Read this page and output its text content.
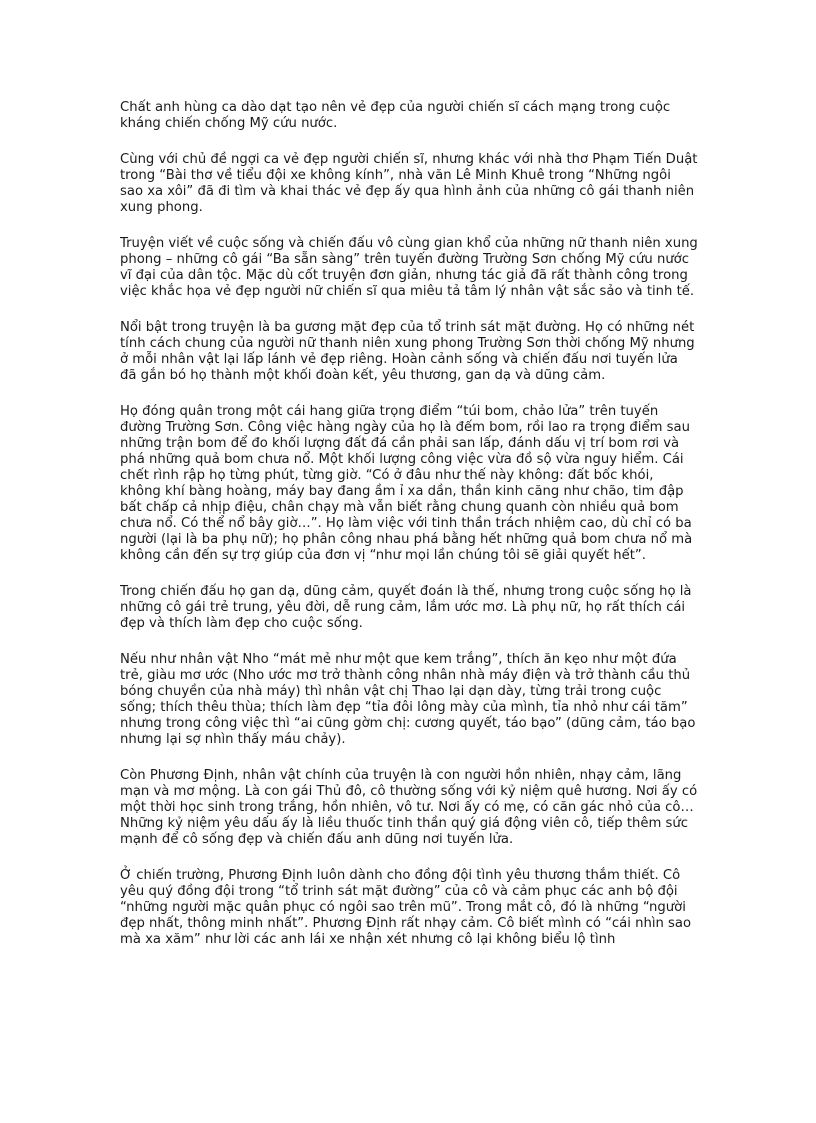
Chất anh hùng ca dào dạt tạo nên vẻ đẹp của người chiến sĩ cách mạng trong cuộc kháng chiến chống Mỹ cứu nước.

Cùng với chủ đề ngợi ca vẻ đẹp người chiến sĩ, nhưng khác với nhà thơ Phạm Tiến Duật trong “Bài thơ về tiểu đội xe không kính”, nhà văn Lê Minh Khuê trong “Những ngôi sao xa xôi” đã đi tìm và khai thác vẻ đẹp ấy qua hình ảnh của những cô gái thanh niên xung phong.

Truyện viết về cuộc sống và chiến đấu vô cùng gian khổ của những nữ thanh niên xung phong – những cô gái “Ba sẵn sàng” trên tuyến đường Trường Sơn chống Mỹ cứu nước vĩ đại của dân tộc. Mặc dù cốt truyện đơn giản, nhưng tác giả đã rất thành công trong việc khắc họa vẻ đẹp người nữ chiến sĩ qua miêu tả tâm lý nhân vật sắc sảo và tinh tế.

Nổi bật trong truyện là ba gương mặt đẹp của tổ trinh sát mặt đường. Họ có những nét tính cách chung của người nữ thanh niên xung phong Trường Sơn thời chống Mỹ nhưng ở mỗi nhân vật lại lấp lánh vẻ đẹp riêng. Hoàn cảnh sống và chiến đấu nơi tuyến lửa đã gắn bó họ thành một khối đoàn kết, yêu thương, gan dạ và dũng cảm.

Họ đóng quân trong một cái hang giữa trọng điểm “túi bom, chảo lửa” trên tuyến đường Trường Sơn. Công việc hàng ngày của họ là đếm bom, rồi lao ra trọng điểm sau những trận bom để đo khối lượng đất đá cần phải san lấp, đánh dấu vị trí bom rơi và phá những quả bom chưa nổ. Một khối lượng công việc vừa đồ sộ vừa nguy hiểm. Cái chết rình rập họ từng phút, từng giờ. “Có ở đâu như thế này không: đất bốc khói, không khí bàng hoàng, máy bay đang ầm ỉ xa dần, thần kinh căng như chão, tim đập bất chấp cả nhịp điệu, chân chạy mà vẫn biết rằng chung quanh còn nhiều quả bom chưa nổ. Có thể nổ bây giờ…”. Họ làm việc với tinh thần trách nhiệm cao, dù chỉ có ba người (lại là ba phụ nữ); họ phân công nhau phá bằng hết những quả bom chưa nổ mà không cần đến sự trợ giúp của đơn vị “như mọi lần chúng tôi sẽ giải quyết hết”.

Trong chiến đấu họ gan dạ, dũng cảm, quyết đoán là thế, nhưng trong cuộc sống họ là những cô gái trẻ trung, yêu đời, dễ rung cảm, lắm ước mơ. Là phụ nữ, họ rất thích cái đẹp và thích làm đẹp cho cuộc sống.

Nếu như nhân vật Nho “mát mẻ như một que kem trắng”, thích ăn kẹo như một đứa trẻ, giàu mơ ước (Nho ước mơ trở thành công nhân nhà máy điện và trở thành cầu thủ bóng chuyền của nhà máy) thì nhân vật chị Thao lại dạn dày, từng trải trong cuộc sống; thích thêu thùa; thích làm đẹp “tỉa đôi lông mày của mình, tỉa nhỏ như cái tăm” nhưng trong công việc thì “ai cũng gờm chị: cương quyết, táo bạo” (dũng cảm, táo bạo nhưng lại sợ nhìn thấy máu chảy).

Còn Phương Định, nhân vật chính của truyện là con người hồn nhiên, nhạy cảm, lãng mạn và mơ mộng. Là con gái Thủ đô, cô thường sống với kỷ niệm quê hương. Nơi ấy có một thời học sinh trong trắng, hồn nhiên, vô tư. Nơi ấy có mẹ, có căn gác nhỏ của cô… Những kỷ niệm yêu dấu ấy là liều thuốc tinh thần quý giá động viên cô, tiếp thêm sức mạnh để cô sống đẹp và chiến đấu anh dũng nơi tuyến lửa.

Ở chiến trường, Phương Định luôn dành cho đồng đội tình yêu thương thắm thiết. Cô yêu quý đồng đội trong “tổ trinh sát mặt đường” của cô và cảm phục các anh bộ đội “những người mặc quân phục có ngôi sao trên mũ”. Trong mắt cô, đó là những “người đẹp nhất, thông minh nhất”. Phương Định rất nhạy cảm. Cô biết mình có “cái nhìn sao mà xa xăm” như lời các anh lái xe nhận xét nhưng cô lại không biểu lộ tình
